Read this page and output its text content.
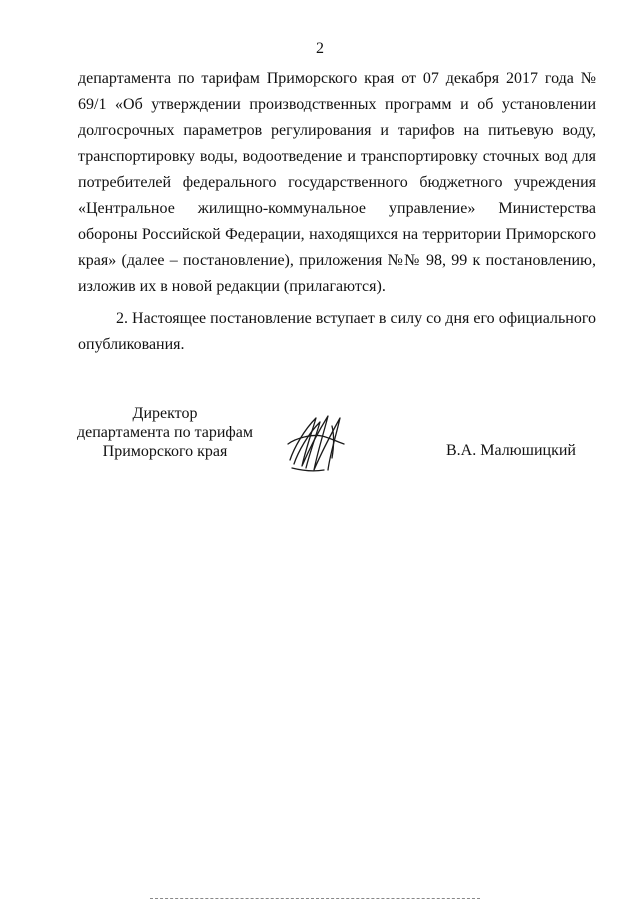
2

департамента по тарифам Приморского края от 07 декабря 2017 года № 69/1 «Об утверждении производственных программ и об установлении долгосрочных параметров регулирования и тарифов на питьевую воду, транспортировку воды, водоотведение и транспортировку сточных вод для потребителей федерального государственного бюджетного учреждения «Центральное жилищно-коммунальное управление» Министерства обороны Российской Федерации, находящихся на территории Приморского края» (далее – постановление), приложения №№ 98, 99 к постановлению, изложив их в новой редакции (прилагаются).

2. Настоящее постановление вступает в силу со дня его официального опубликования.

Директор
департамента по тарифам
Приморского края	В.А. Малюшицкий
